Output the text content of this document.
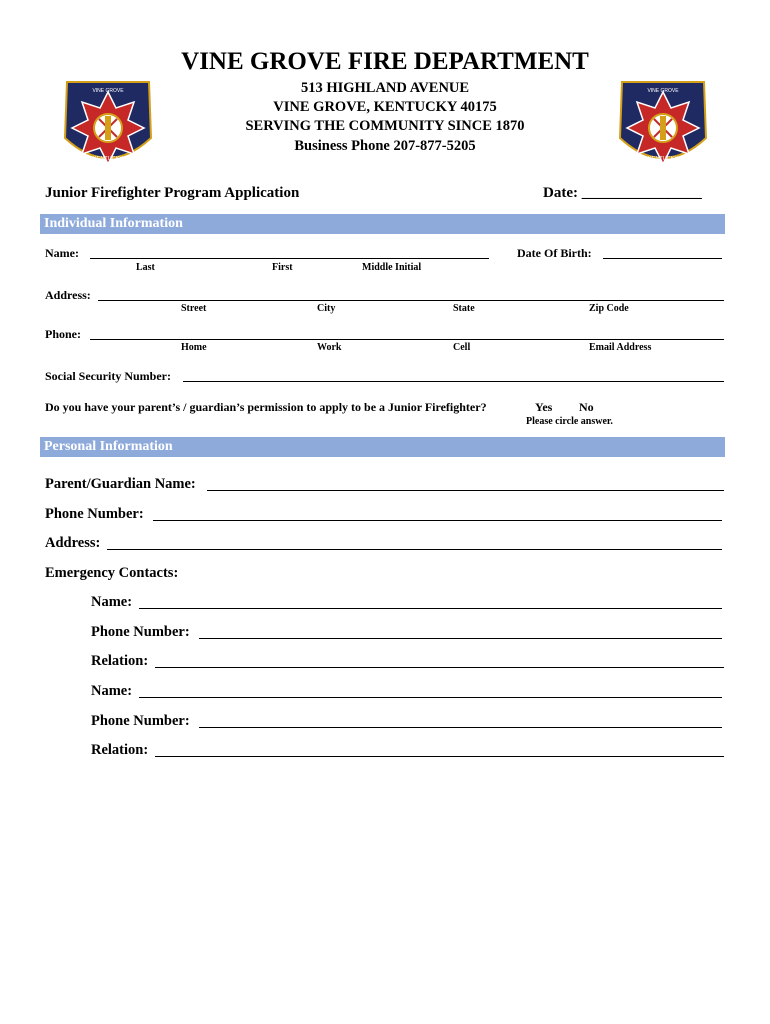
VINE GROVE FIRE DEPARTMENT
513 HIGHLAND AVENUE
VINE GROVE, KENTUCKY 40175
SERVING THE COMMUNITY SINCE 1870
Business Phone 207-877-5205
VINE GROVE
KENTUCKY
JUNIOR FIREFIGHTER
VINE GROVE
KENTUCKY
JUNIOR FIREFIGHTER
Junior Firefighter Program Application	Date: ________________
Individual Information
Name:
Last	First	Middle Initial
Date Of Birth:
Address:
Street	City	State	Zip Code
Phone:
Home	Work	Cell	Email Address
Social Security Number:
Do you have your parent’s / guardian’s permission to apply to be a Junior Firefighter?	Yes No
Please circle answer.
Personal Information
Parent/Guardian Name:
Phone Number:
Address:
Emergency Contacts:
Name:
Phone Number:
Relation:
Name:
Phone Number:
Relation:
